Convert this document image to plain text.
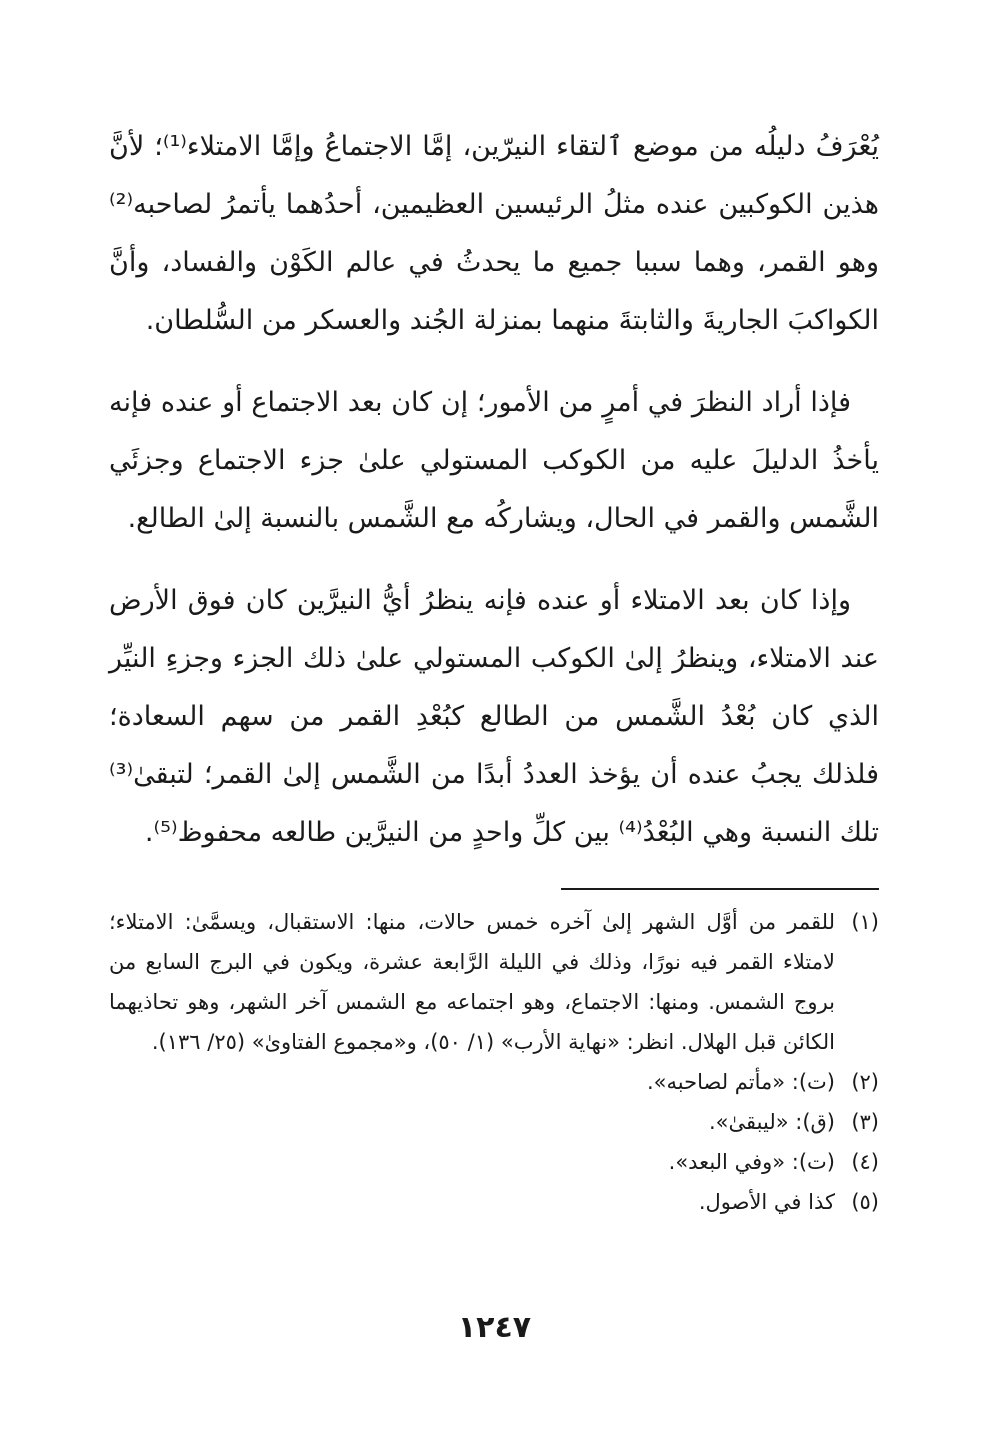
يُعْرَفُ دليلُه من موضع ٱلتقاء النيرّين، إمَّا الاجتماعُ وإمَّا الامتلاء⁽¹⁾؛ لأنَّ هذين الكوكبين عنده مثلُ الرئيسين العظيمين، أحدُهما يأتمرُ لصاحبه⁽²⁾ وهو القمر، وهما سببا جميع ما يحدثُ في عالم الكَوْن والفساد، وأنَّ الكواكبَ الجاريةَ والثابتةَ منهما بمنزلة الجُند والعسكر من السُّلطان.

فإذا أراد النظرَ في أمرٍ من الأمور؛ إن كان بعد الاجتماع أو عنده فإنه يأخذُ الدليلَ عليه من الكوكب المستولي علىٰ جزء الاجتماع وجزئَي الشَّمس والقمر في الحال، ويشاركُه مع الشَّمس بالنسبة إلىٰ الطالع.

وإذا كان بعد الامتلاء أو عنده فإنه ينظرُ أيُّ النيرَّين كان فوق الأرض عند الامتلاء، وينظرُ إلىٰ الكوكب المستولي علىٰ ذلك الجزء وجزءِ النيِّر الذي كان بُعْدُ الشَّمس من الطالع كبُعْدِ القمر من سهم السعادة؛ فلذلك يجبُ عنده أن يؤخذ العددُ أبدًا من الشَّمس إلىٰ القمر؛ لتبقىٰ⁽³⁾ تلك النسبة وهي البُعْدُ⁽⁴⁾ بين كلِّ واحدٍ من النيرَّين طالعه محفوظ⁽⁵⁾.

(١)
للقمر من أوَّل الشهر إلىٰ آخره خمس حالات، منها: الاستقبال، ويسمَّىٰ: الامتلاء؛ لامتلاء القمر فيه نورًا، وذلك في الليلة الرَّابعة عشرة، ويكون في البرج السابع من بروج الشمس. ومنها: الاجتماع، وهو اجتماعه مع الشمس آخر الشهر، وهو تحاذيهما الكائن قبل الهلال. انظر: «نهاية الأرب» (١/ ٥٠)، و«مجموع الفتاوىٰ» (٢٥/ ١٣٦).
(٢)
(ت): «مأتم لصاحبه».
(٣)
(ق): «ليبقىٰ».
(٤)
(ت): «وفي البعد».
(٥)
كذا في الأصول.
١٢٤٧
